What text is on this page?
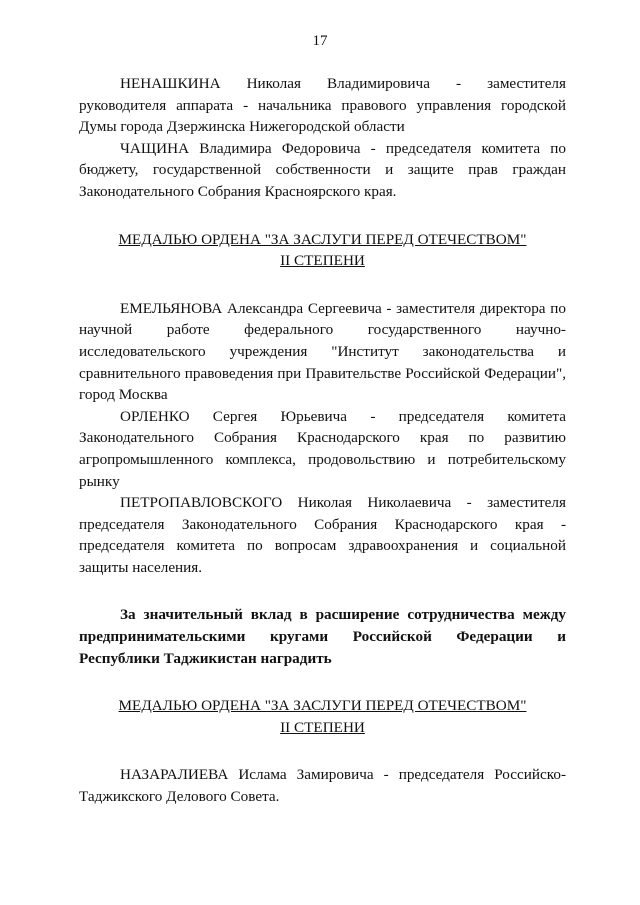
17

НЕНАШКИНА Николая Владимировича - заместителя руководителя аппарата - начальника правового управления городской Думы города Дзержинска Нижегородской области

ЧАЩИНА Владимира Федоровича - председателя комитета по бюджету, государственной собственности и защите прав граждан Законодательного Собрания Красноярского края.

МЕДАЛЬЮ ОРДЕНА "ЗА ЗАСЛУГИ ПЕРЕД ОТЕЧЕСТВОМ"

II СТЕПЕНИ

ЕМЕЛЬЯНОВА Александра Сергеевича - заместителя директора по научной работе федерального государственного научно-исследовательского учреждения "Институт законодательства и сравнительного правоведения при Правительстве Российской Федерации", город Москва

ОРЛЕНКО Сергея Юрьевича - председателя комитета Законодательного Собрания Краснодарского края по развитию агропромышленного комплекса, продовольствию и потребительскому рынку

ПЕТРОПАВЛОВСКОГО Николая Николаевича - заместителя председателя Законодательного Собрания Краснодарского края - председателя комитета по вопросам здравоохранения и социальной защиты населения.

За значительный вклад в расширение сотрудничества между предпринимательскими кругами Российской Федерации и Республики Таджикистан наградить

МЕДАЛЬЮ ОРДЕНА "ЗА ЗАСЛУГИ ПЕРЕД ОТЕЧЕСТВОМ"

II СТЕПЕНИ

НАЗАРАЛИЕВА Ислама Замировича - председателя Российско-Таджикского Делового Совета.
